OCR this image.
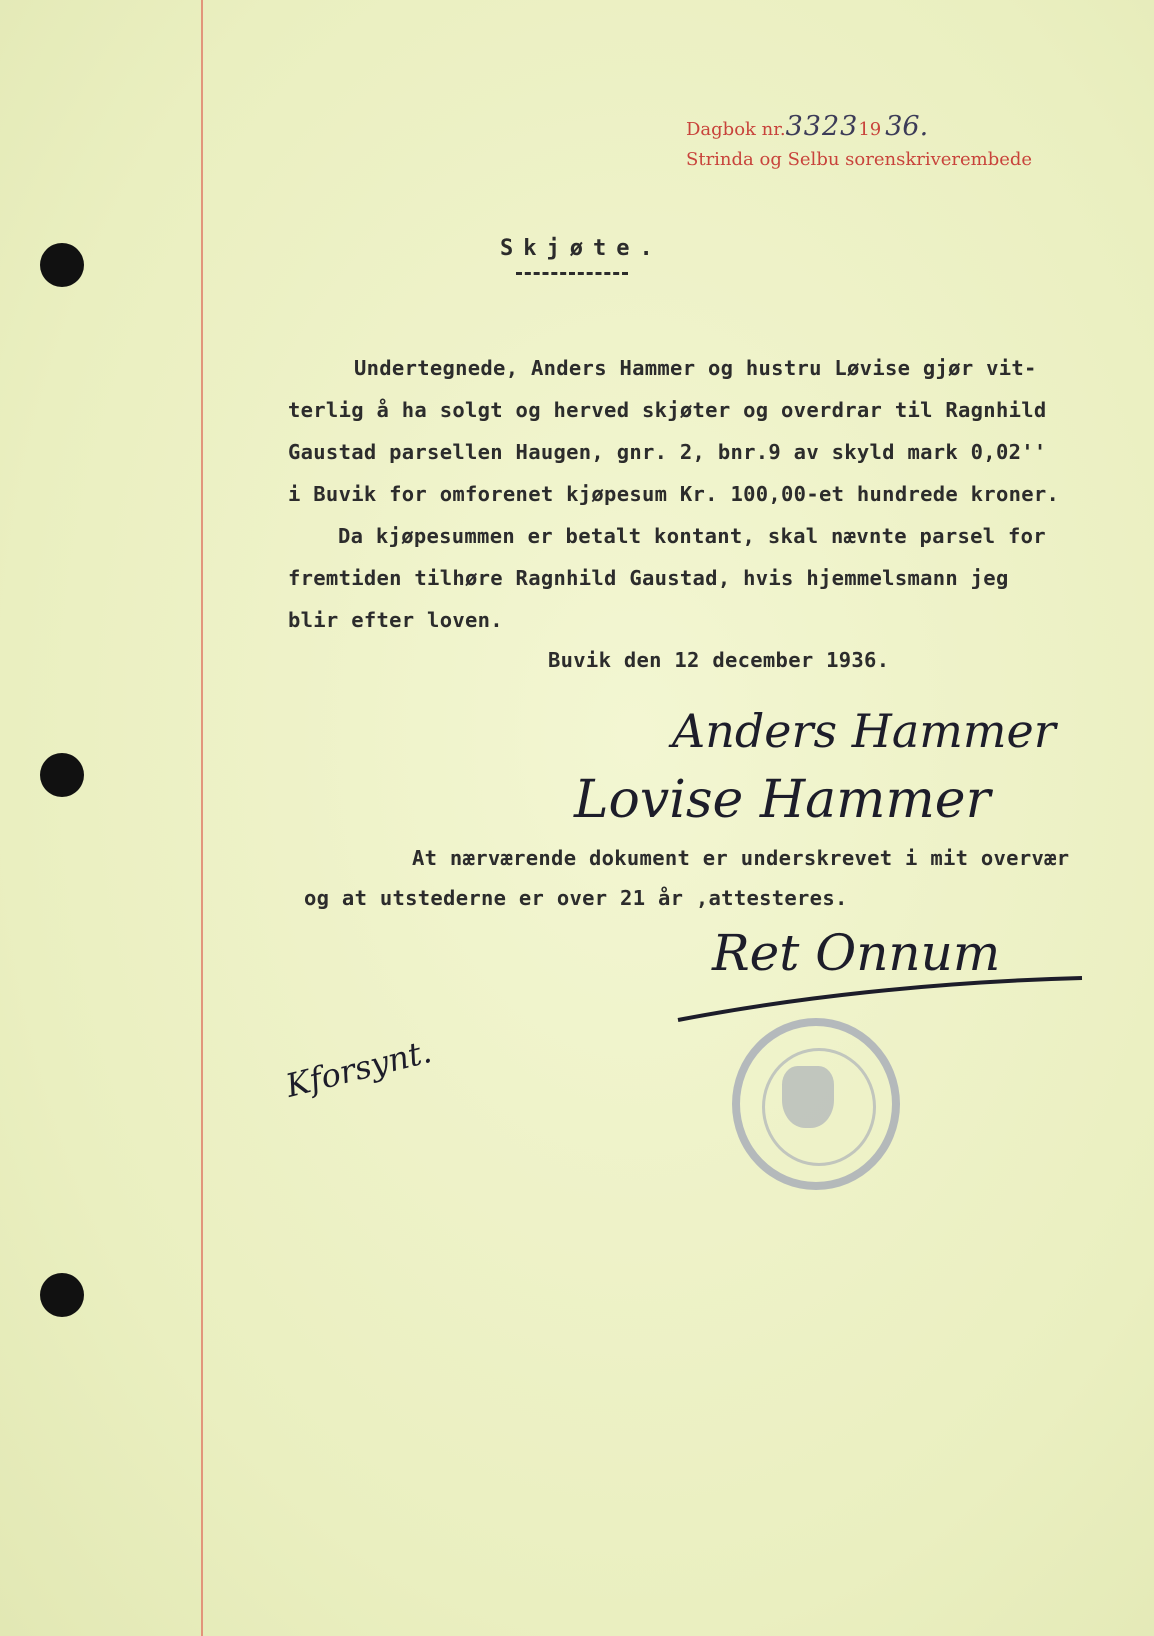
Dagbok nr.332319 36.
Strinda og Selbu sorenskriverembede
Skjøte.
Undertegnede, Anders Hammer og hustru Løvise gjør vit-
terlig å ha solgt og herved skjøter og overdrar til Ragnhild
Gaustad parsellen Haugen, gnr. 2, bnr.9 av skyld mark 0,02''
i Buvik for omforenet kjøpesum Kr. 100,00-et hundrede kroner.
Da kjøpesummen er betalt kontant, skal nævnte parsel for
fremtiden tilhøre Ragnhild Gaustad, hvis hjemmelsmann jeg
blir efter loven.
Buvik den 12 december 1936.
Anders Hammer
Lovise Hammer
At nærværende dokument er underskrevet i mit overvær
og at utstederne er over 21 år ,attesteres.
Ret Onnum
Kforsynt.
